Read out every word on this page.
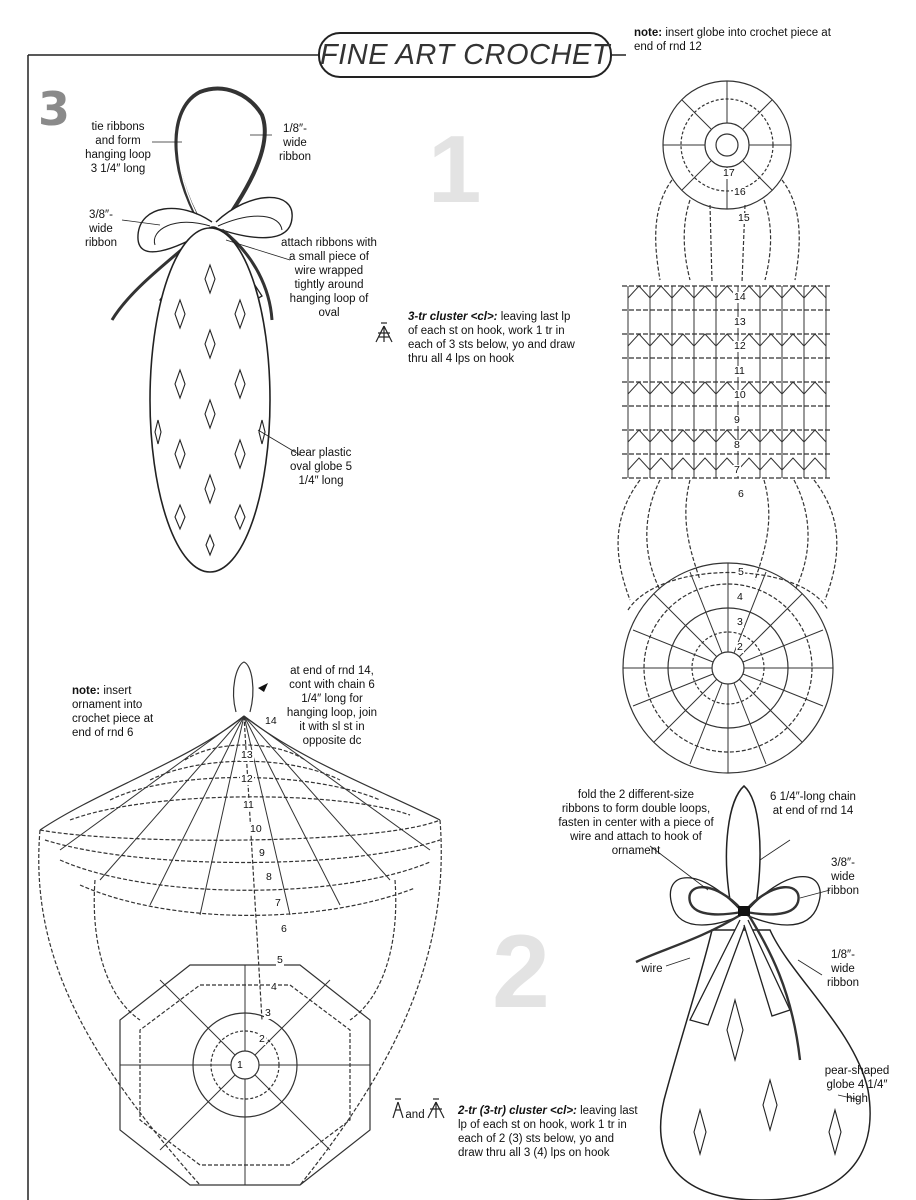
FINE ART CROCHET
note: insert globe into crochet piece at end of rnd 12
3
1
2
tie ribbons and form hanging loop 3 1/4″ long
1/8″- wide ribbon
3/8″- wide ribbon	attach ribbons with a small piece of wire wrapped tightly around hanging loop of oval
clear plastic oval globe 5 1/4″ long
3-tr cluster <cl>: leaving last lp of each st on hook, work 1 tr in each of 3 sts below, yo and draw thru all 4 lps on hook
17
16
15
14
13
12
11
10
9
8
7
6
5
4
3
2
note: insert ornament into crochet piece at end of rnd 6
at end of rnd 14, cont with chain 6 1/4″ long for hanging loop, join it with sl st in opposite dc
14
13
12
11
10
9
8
7
6
5
4
3
2
1
and	2-tr (3-tr) cluster <cl>: leaving last lp of each st on hook, work 1 tr in each of 2 (3) sts below, yo and draw thru all 3 (4) lps on hook
fold the 2 different-size ribbons to form double loops, fasten in center with a piece of wire and attach to hook of ornament
6 1/4″-long chain at end of rnd 14
3/8″- wide ribbon
wire
1/8″- wide ribbon
pear-shaped globe 4 1/4″ high
